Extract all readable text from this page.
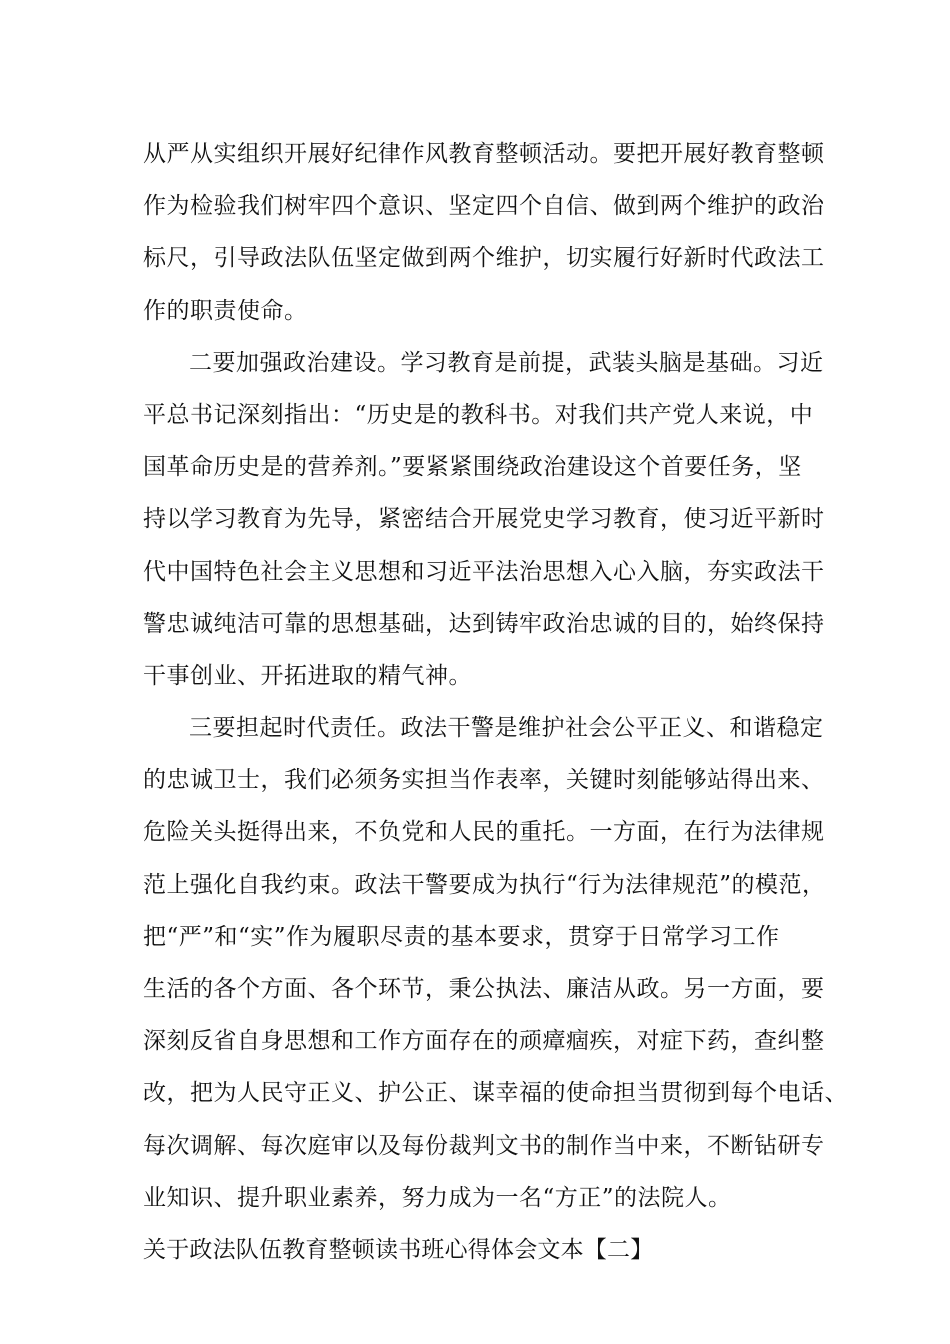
从严从实组织开展好纪律作风教育整顿活动。要把开展好教育整顿
作为检验我们树牢四个意识、坚定四个自信、做到两个维护的政治
标尺，引导政法队伍坚定做到两个维护，切实履行好新时代政法工
作的职责使命。
二要加强政治建设。学习教育是前提，武装头脑是基础。习近
平总书记深刻指出：“历史是的教科书。对我们共产党人来说，中
国革命历史是的营养剂。”要紧紧围绕政治建设这个首要任务，坚
持以学习教育为先导，紧密结合开展党史学习教育，使习近平新时
代中国特色社会主义思想和习近平法治思想入心入脑，夯实政法干
警忠诚纯洁可靠的思想基础，达到铸牢政治忠诚的目的，始终保持
干事创业、开拓进取的精气神。
三要担起时代责任。政法干警是维护社会公平正义、和谐稳定
的忠诚卫士，我们必须务实担当作表率，关键时刻能够站得出来、
危险关头挺得出来，不负党和人民的重托。一方面，在行为法律规
范上强化自我约束。政法干警要成为执行“行为法律规范”的模范，
把“严”和“实”作为履职尽责的基本要求，贯穿于日常学习工作
生活的各个方面、各个环节，秉公执法、廉洁从政。另一方面，要
深刻反省自身思想和工作方面存在的顽瘴痼疾，对症下药，查纠整
改，把为人民守正义、护公正、谋幸福的使命担当贯彻到每个电话、
每次调解、每次庭审以及每份裁判文书的制作当中来，不断钻研专
业知识、提升职业素养，努力成为一名“方正”的法院人。
关于政法队伍教育整顿读书班心得体会文本【二】
